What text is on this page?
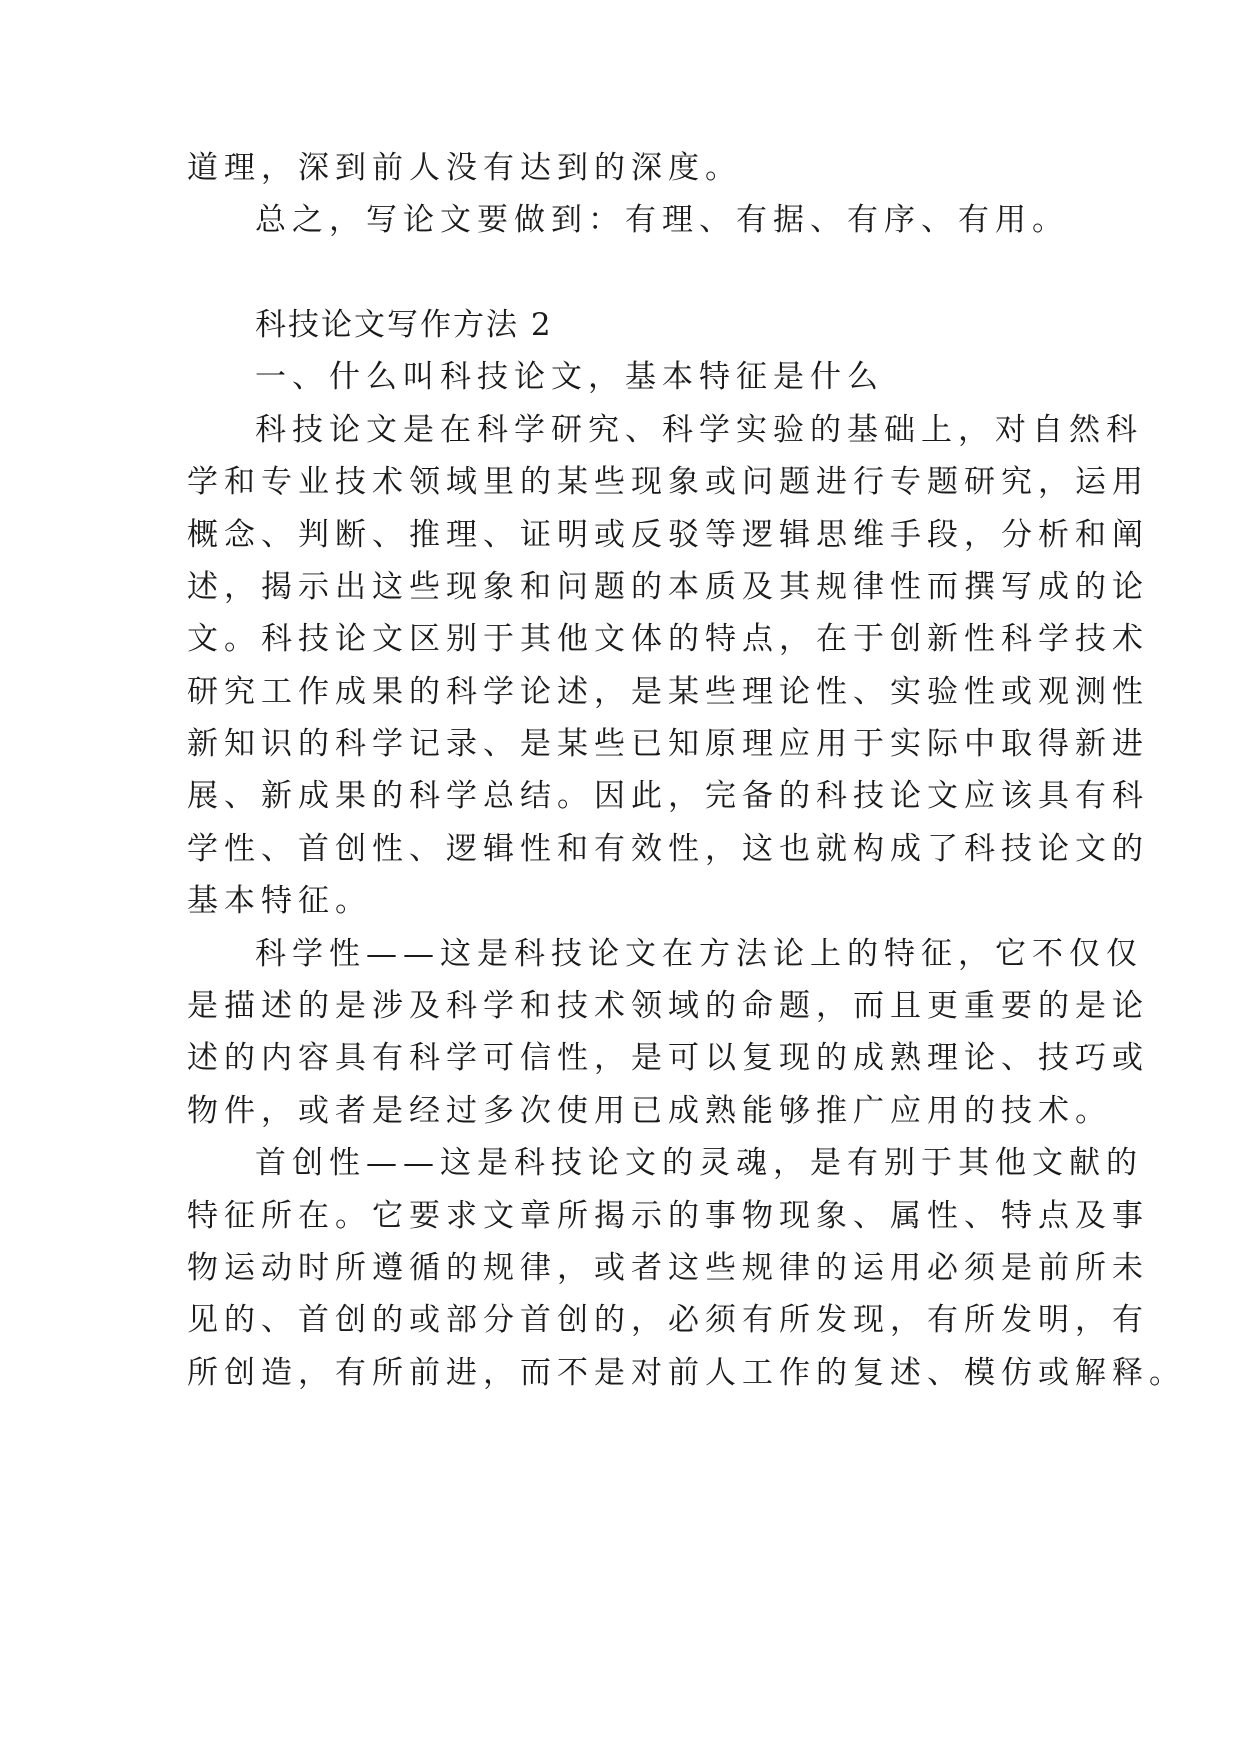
道理，深到前人没有达到的深度。
总之，写论文要做到：有理、有据、有序、有用。
科技论文写作方法 2
一、什么叫科技论文，基本特征是什么
科技论文是在科学研究、科学实验的基础上，对自然科
学和专业技术领域里的某些现象或问题进行专题研究，运用
概念、判断、推理、证明或反驳等逻辑思维手段，分析和阐
述，揭示出这些现象和问题的本质及其规律性而撰写成的论
文。科技论文区别于其他文体的特点，在于创新性科学技术
研究工作成果的科学论述，是某些理论性、实验性或观测性
新知识的科学记录、是某些已知原理应用于实际中取得新进
展、新成果的科学总结。因此，完备的科技论文应该具有科
学性、首创性、逻辑性和有效性，这也就构成了科技论文的
基本特征。
科学性——这是科技论文在方法论上的特征，它不仅仅
是描述的是涉及科学和技术领域的命题，而且更重要的是论
述的内容具有科学可信性，是可以复现的成熟理论、技巧或
物件，或者是经过多次使用已成熟能够推广应用的技术。
首创性——这是科技论文的灵魂，是有别于其他文献的
特征所在。它要求文章所揭示的事物现象、属性、特点及事
物运动时所遵循的规律，或者这些规律的运用必须是前所未
见的、首创的或部分首创的，必须有所发现，有所发明，有
所创造，有所前进，而不是对前人工作的复述、模仿或解释。
